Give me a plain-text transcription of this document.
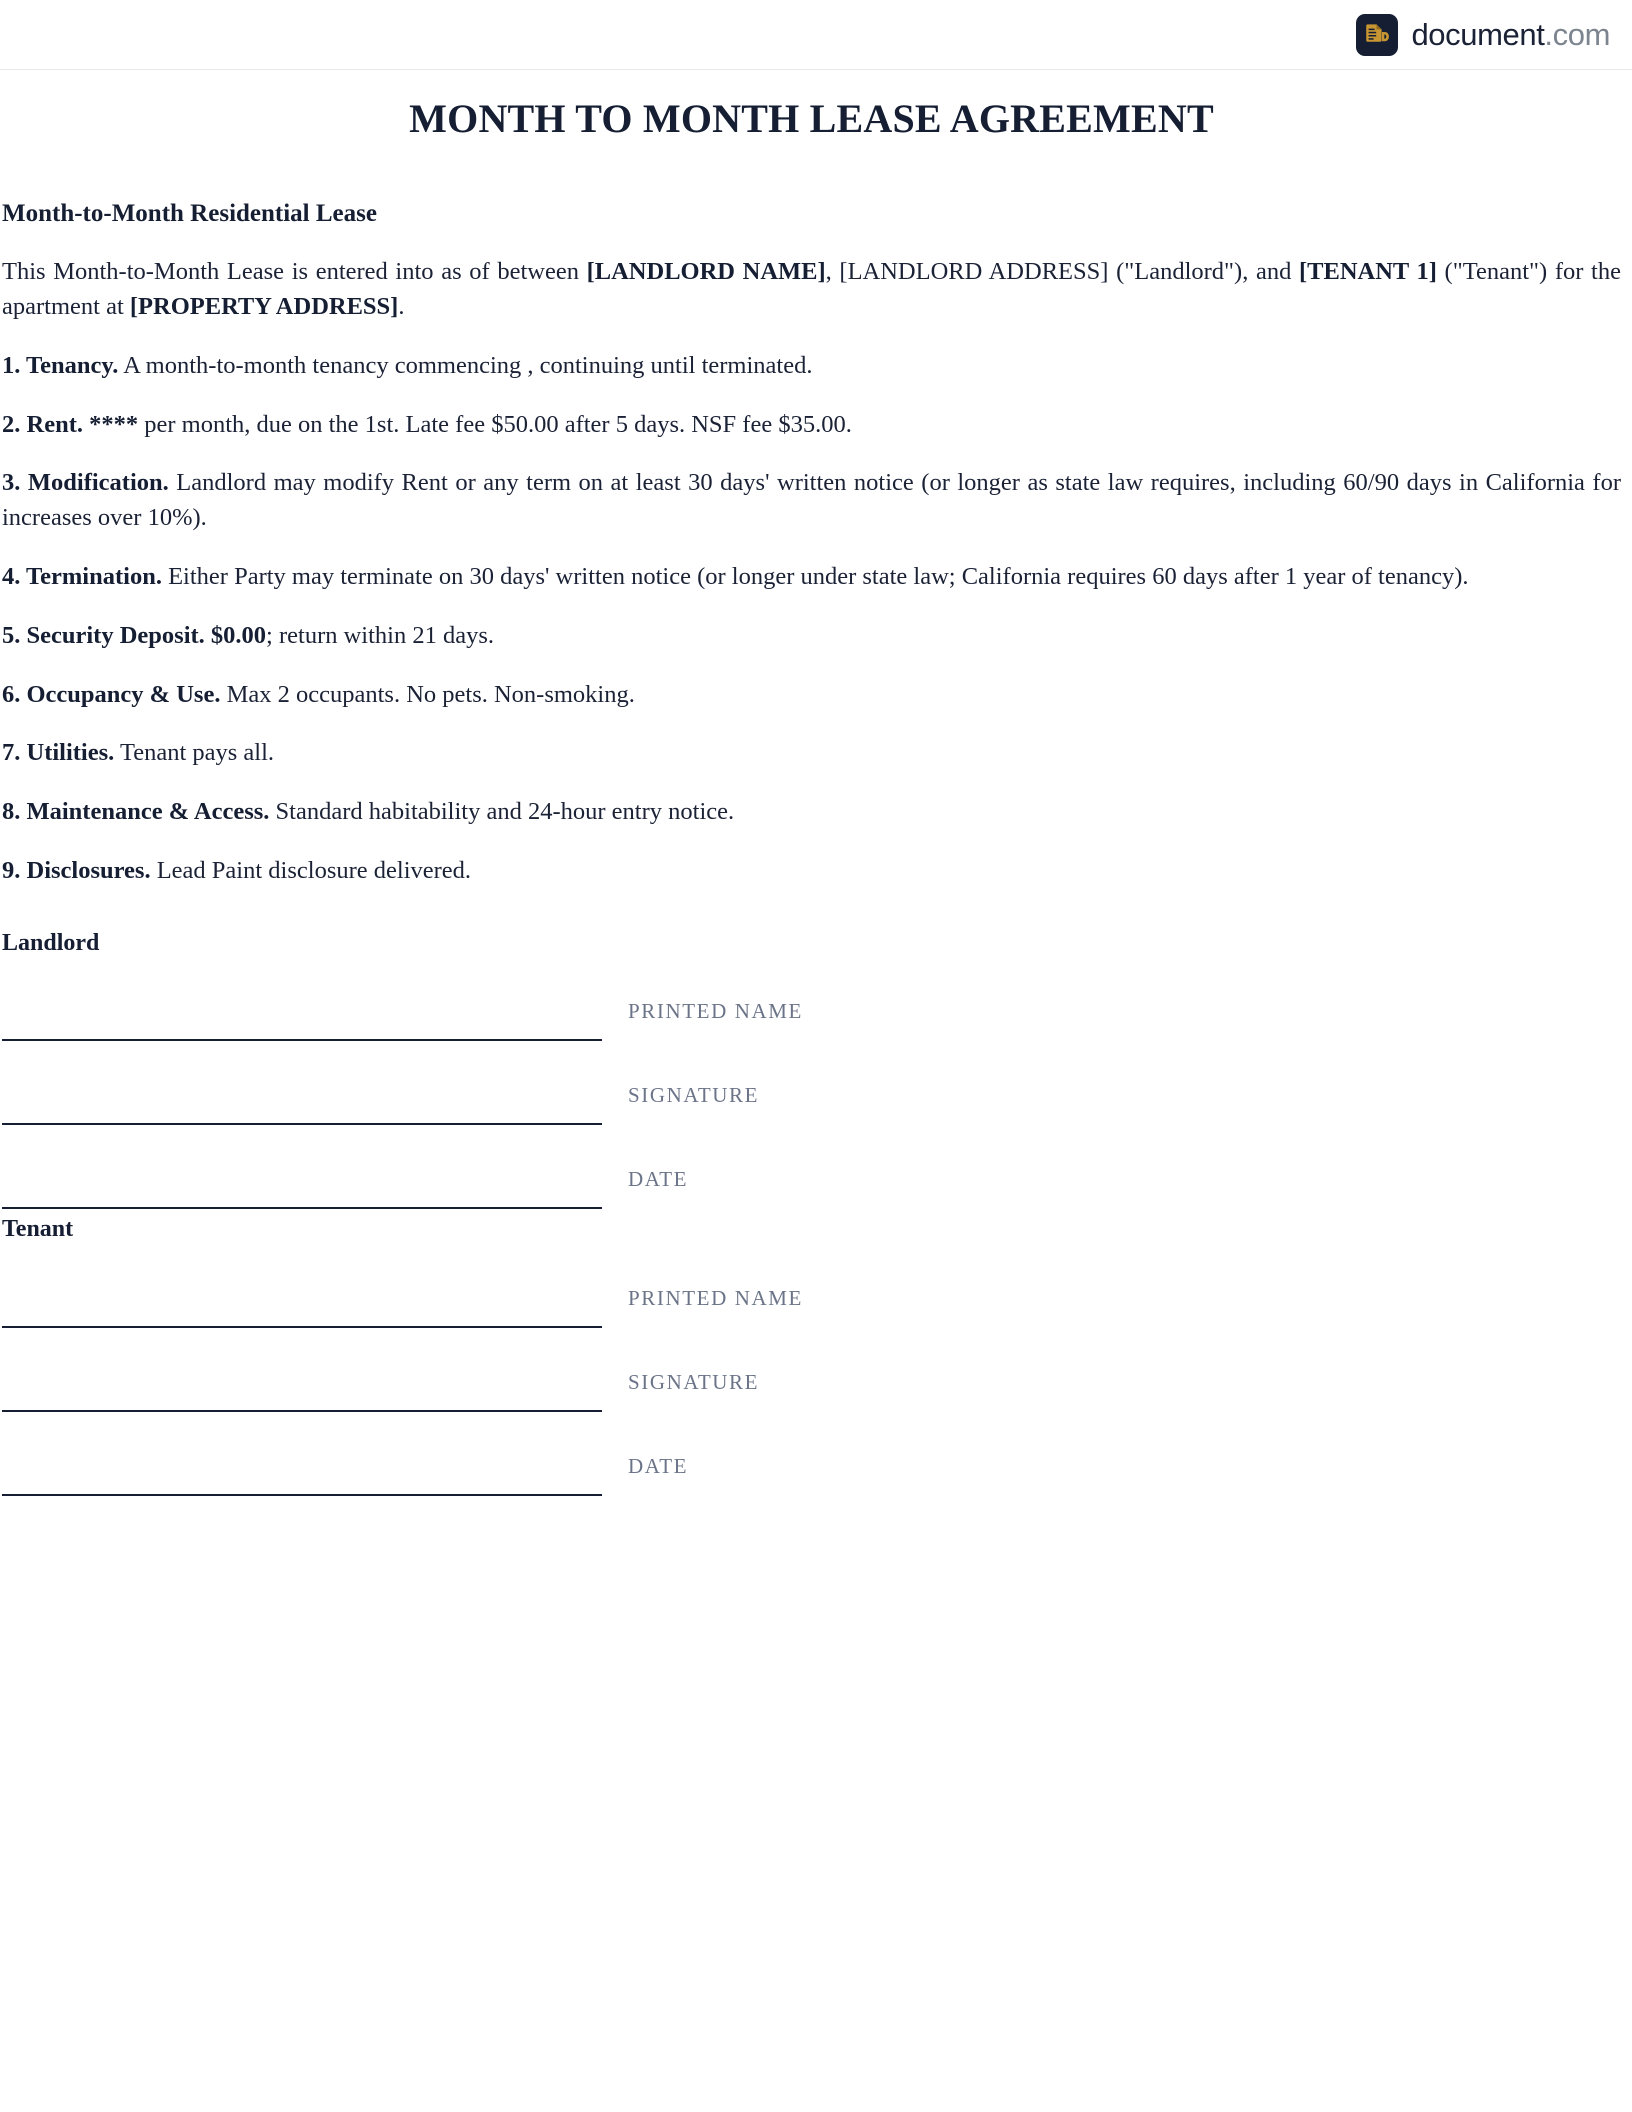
document.com
MONTH TO MONTH LEASE AGREEMENT
Month-to-Month Residential Lease

This Month-to-Month Lease is entered into as of between [LANDLORD NAME], [LANDLORD ADDRESS] ("Landlord"), and [TENANT 1] ("Tenant") for the apartment at [PROPERTY ADDRESS].

1. Tenancy. A month-to-month tenancy commencing , continuing until terminated.

2. Rent. **** per month, due on the 1st. Late fee $50.00 after 5 days. NSF fee $35.00.

3. Modification. Landlord may modify Rent or any term on at least 30 days' written notice (or longer as state law requires, including 60/90 days in California for increases over 10%).

4. Termination. Either Party may terminate on 30 days' written notice (or longer under state law; California requires 60 days after 1 year of tenancy).

5. Security Deposit. $0.00; return within 21 days.

6. Occupancy & Use. Max 2 occupants. No pets. Non-smoking.

7. Utilities. Tenant pays all.

8. Maintenance & Access. Standard habitability and 24-hour entry notice.

9. Disclosures. Lead Paint disclosure delivered.

Landlord
PRINTED NAME
SIGNATURE
DATE
Tenant
PRINTED NAME
SIGNATURE
DATE
